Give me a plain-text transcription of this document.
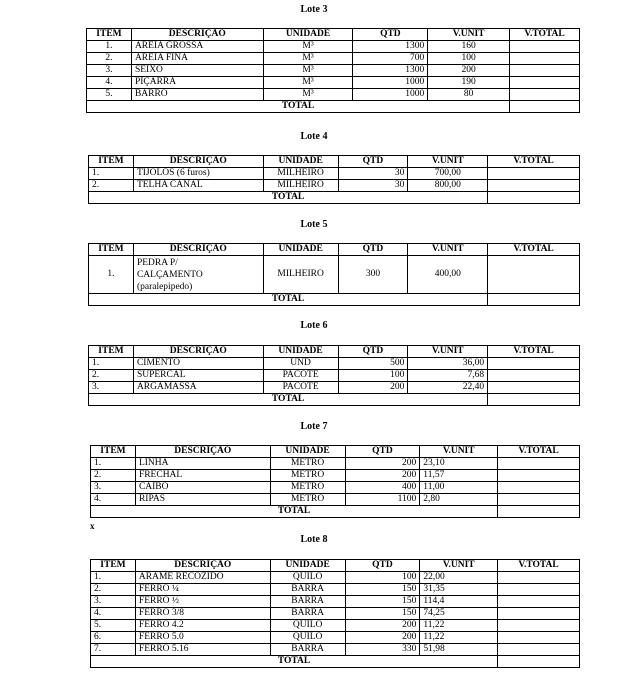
Lote 3
ITEM	DESCRIÇÃO	UNIDADE	QTD	V.UNIT	V.TOTAL
1.	AREIA GROSSA	M³	1300	160	
2.	AREIA FINA	M³	700	100	
3.	SEIXO	M³	1300	200	
4.	PIÇARRA	M³	1000	190	
5.	BARRO	M³	1000	80	
TOTAL					
Lote 4
ITEM	DESCRIÇÃO	UNIDADE	QTD	V.UNIT	V.TOTAL
1.	TIJOLOS (6 furos)	MILHEIRO	30	700,00	
2.	TELHA CANAL	MILHEIRO	30	800,00	
TOTAL					
Lote 5
ITEM	DESCRIÇÃO	UNIDADE	QTD	V.UNIT	V.TOTAL
1.	PEDRA P/
CALÇAMENTO
(paralepipedo)	MILHEIRO	300	400,00	
TOTAL					
Lote 6
ITEM	DESCRIÇÃO	UNIDADE	QTD	V.UNIT	V.TOTAL
1.	CIMENTO	UND	500	36,00	
2.	SUPERCAL	PACOTE	100	7,68	
3.	ARGAMASSA	PACOTE	200	22,40	
TOTAL					
Lote 7
ITEM	DESCRIÇÃO	UNIDADE	QTD	V.UNIT	V.TOTAL
1.	LINHA	METRO	200	23,10	
2.	FRECHAL	METRO	200	11,57	
3.	CAIBO	METRO	400	11,00	
4.	RIPAS	METRO	1100	2,80	
TOTAL					
x
Lote 8
ITEM	DESCRIÇÃO	UNIDADE	QTD	V.UNIT	V.TOTAL
1.	ARAME RECOZIDO	QUILO	100	22,00	
2.	FERRO ¼	BARRA	150	31,35	
3.	FERRO ½	BARRA	150	114,4	
4.	FERRO 3/8	BARRA	150	74,25	
5.	FERRO 4.2	QUILO	200	11,22	
6.	FERRO 5.0	QUILO	200	11,22	
7.	FERRO 5.16	BARRA	330	51,98	
TOTAL					
